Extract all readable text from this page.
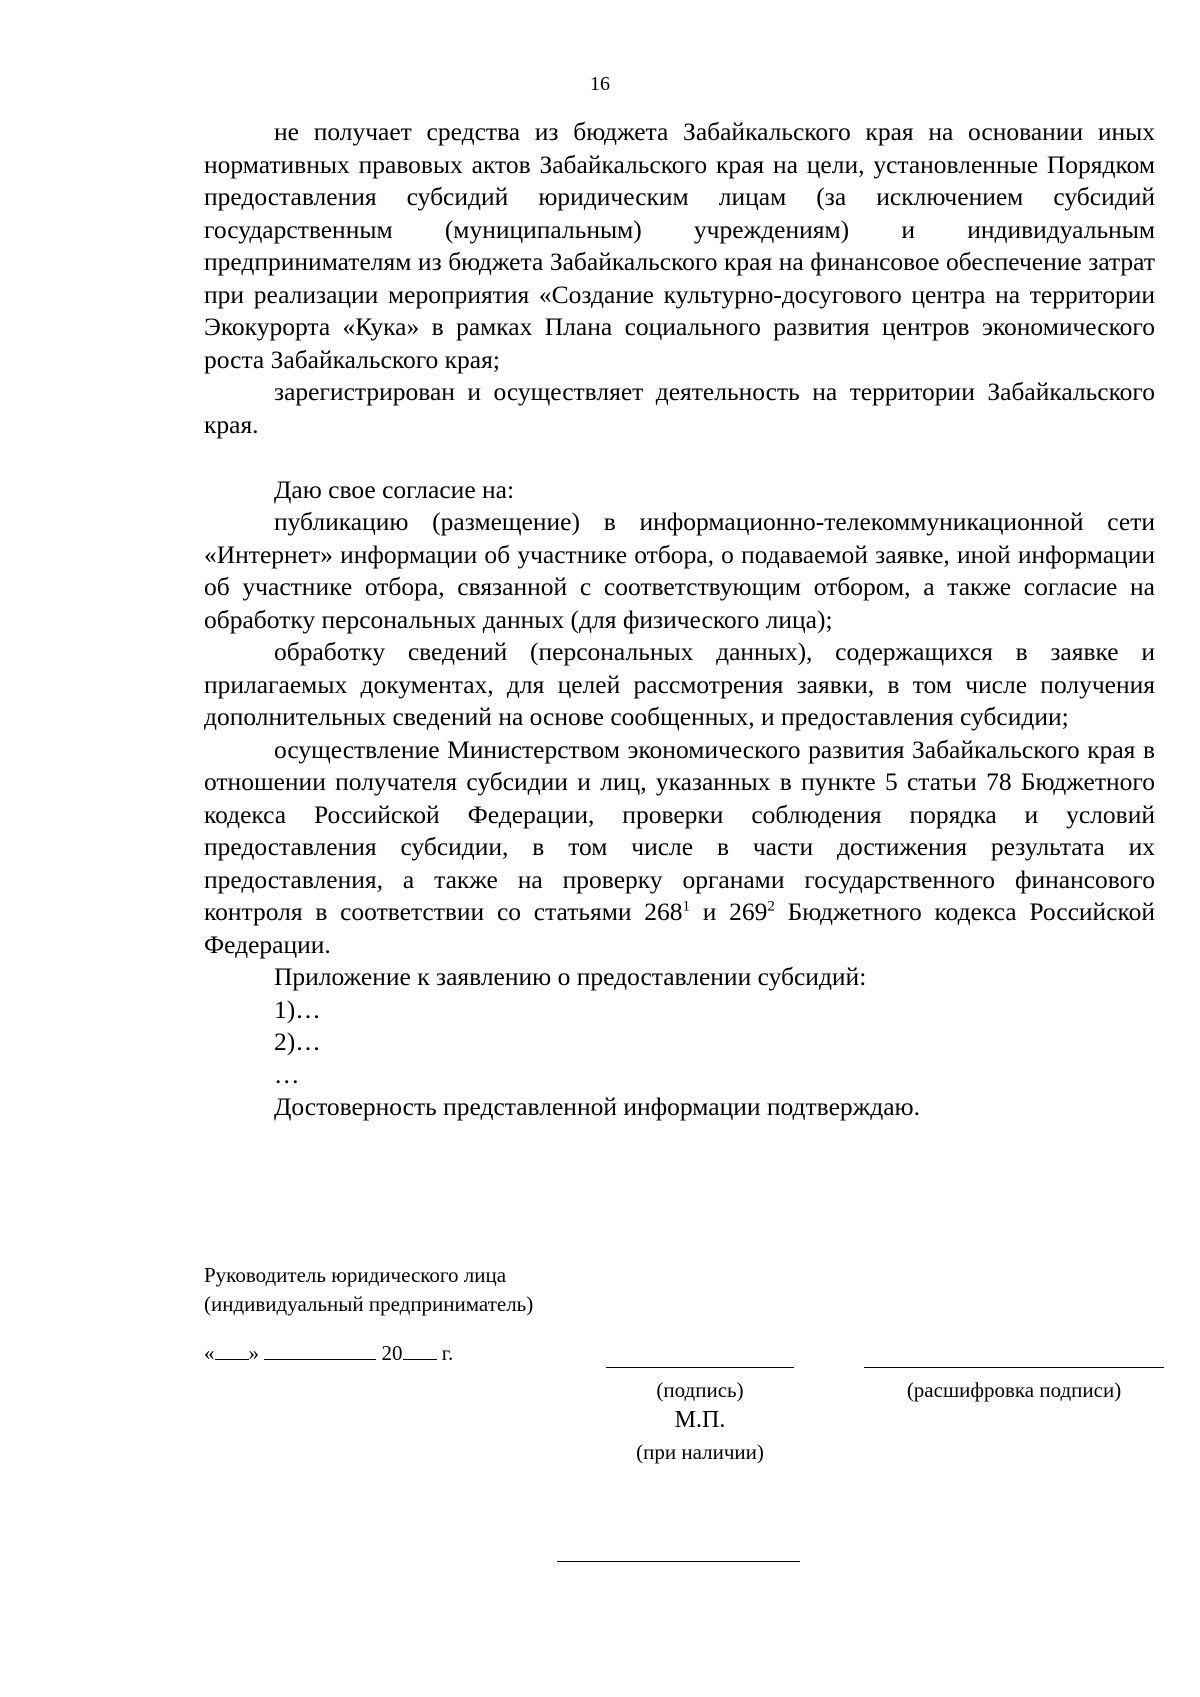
16

не получает средства из бюджета Забайкальского края на основании иных нормативных правовых актов Забайкальского края на цели, установленные Порядком предоставления субсидий юридическим лицам (за исключением субсидий государственным (муниципальным) учреждениям) и индивидуальным предпринимателям из бюджета Забайкальского края на финансовое обеспечение затрат при реализации мероприятия «Создание культурно-досугового центра на территории Экокурорта «Кука» в рамках Плана социального развития центров экономического роста Забайкальского края;

зарегистрирован и осуществляет деятельность на территории Забайкальского края.

Даю свое согласие на:

публикацию (размещение) в информационно-телекоммуникационной сети «Интернет» информации об участнике отбора, о подаваемой заявке, иной информации об участнике отбора, связанной с соответствующим отбором, а также согласие на обработку персональных данных (для физического лица);

обработку сведений (персональных данных), содержащихся в заявке и прилагаемых документах, для целей рассмотрения заявки, в том числе получения дополнительных сведений на основе сообщенных, и предоставления субсидии;

осуществление Министерством экономического развития Забайкальского края в отношении получателя субсидии и лиц, указанных в пункте 5 статьи 78 Бюджетного кодекса Российской Федерации, проверки соблюдения порядка и условий предоставления субсидии, в том числе в части достижения результата их предоставления, а также на проверку органами государственного финансового контроля в соответствии со статьями $268^1$ и $269^2$ Бюджетного кодекса Российской Федерации.

Приложение к заявлению о предоставлении субсидий:

1)…

2)…

…

Достоверность представленной информации подтверждаю.

Руководитель юридического лица

(индивидуальный предприниматель)

« »	20 г.
(подпись)	(расшифровка подписи)
М.П.
(при наличии)
